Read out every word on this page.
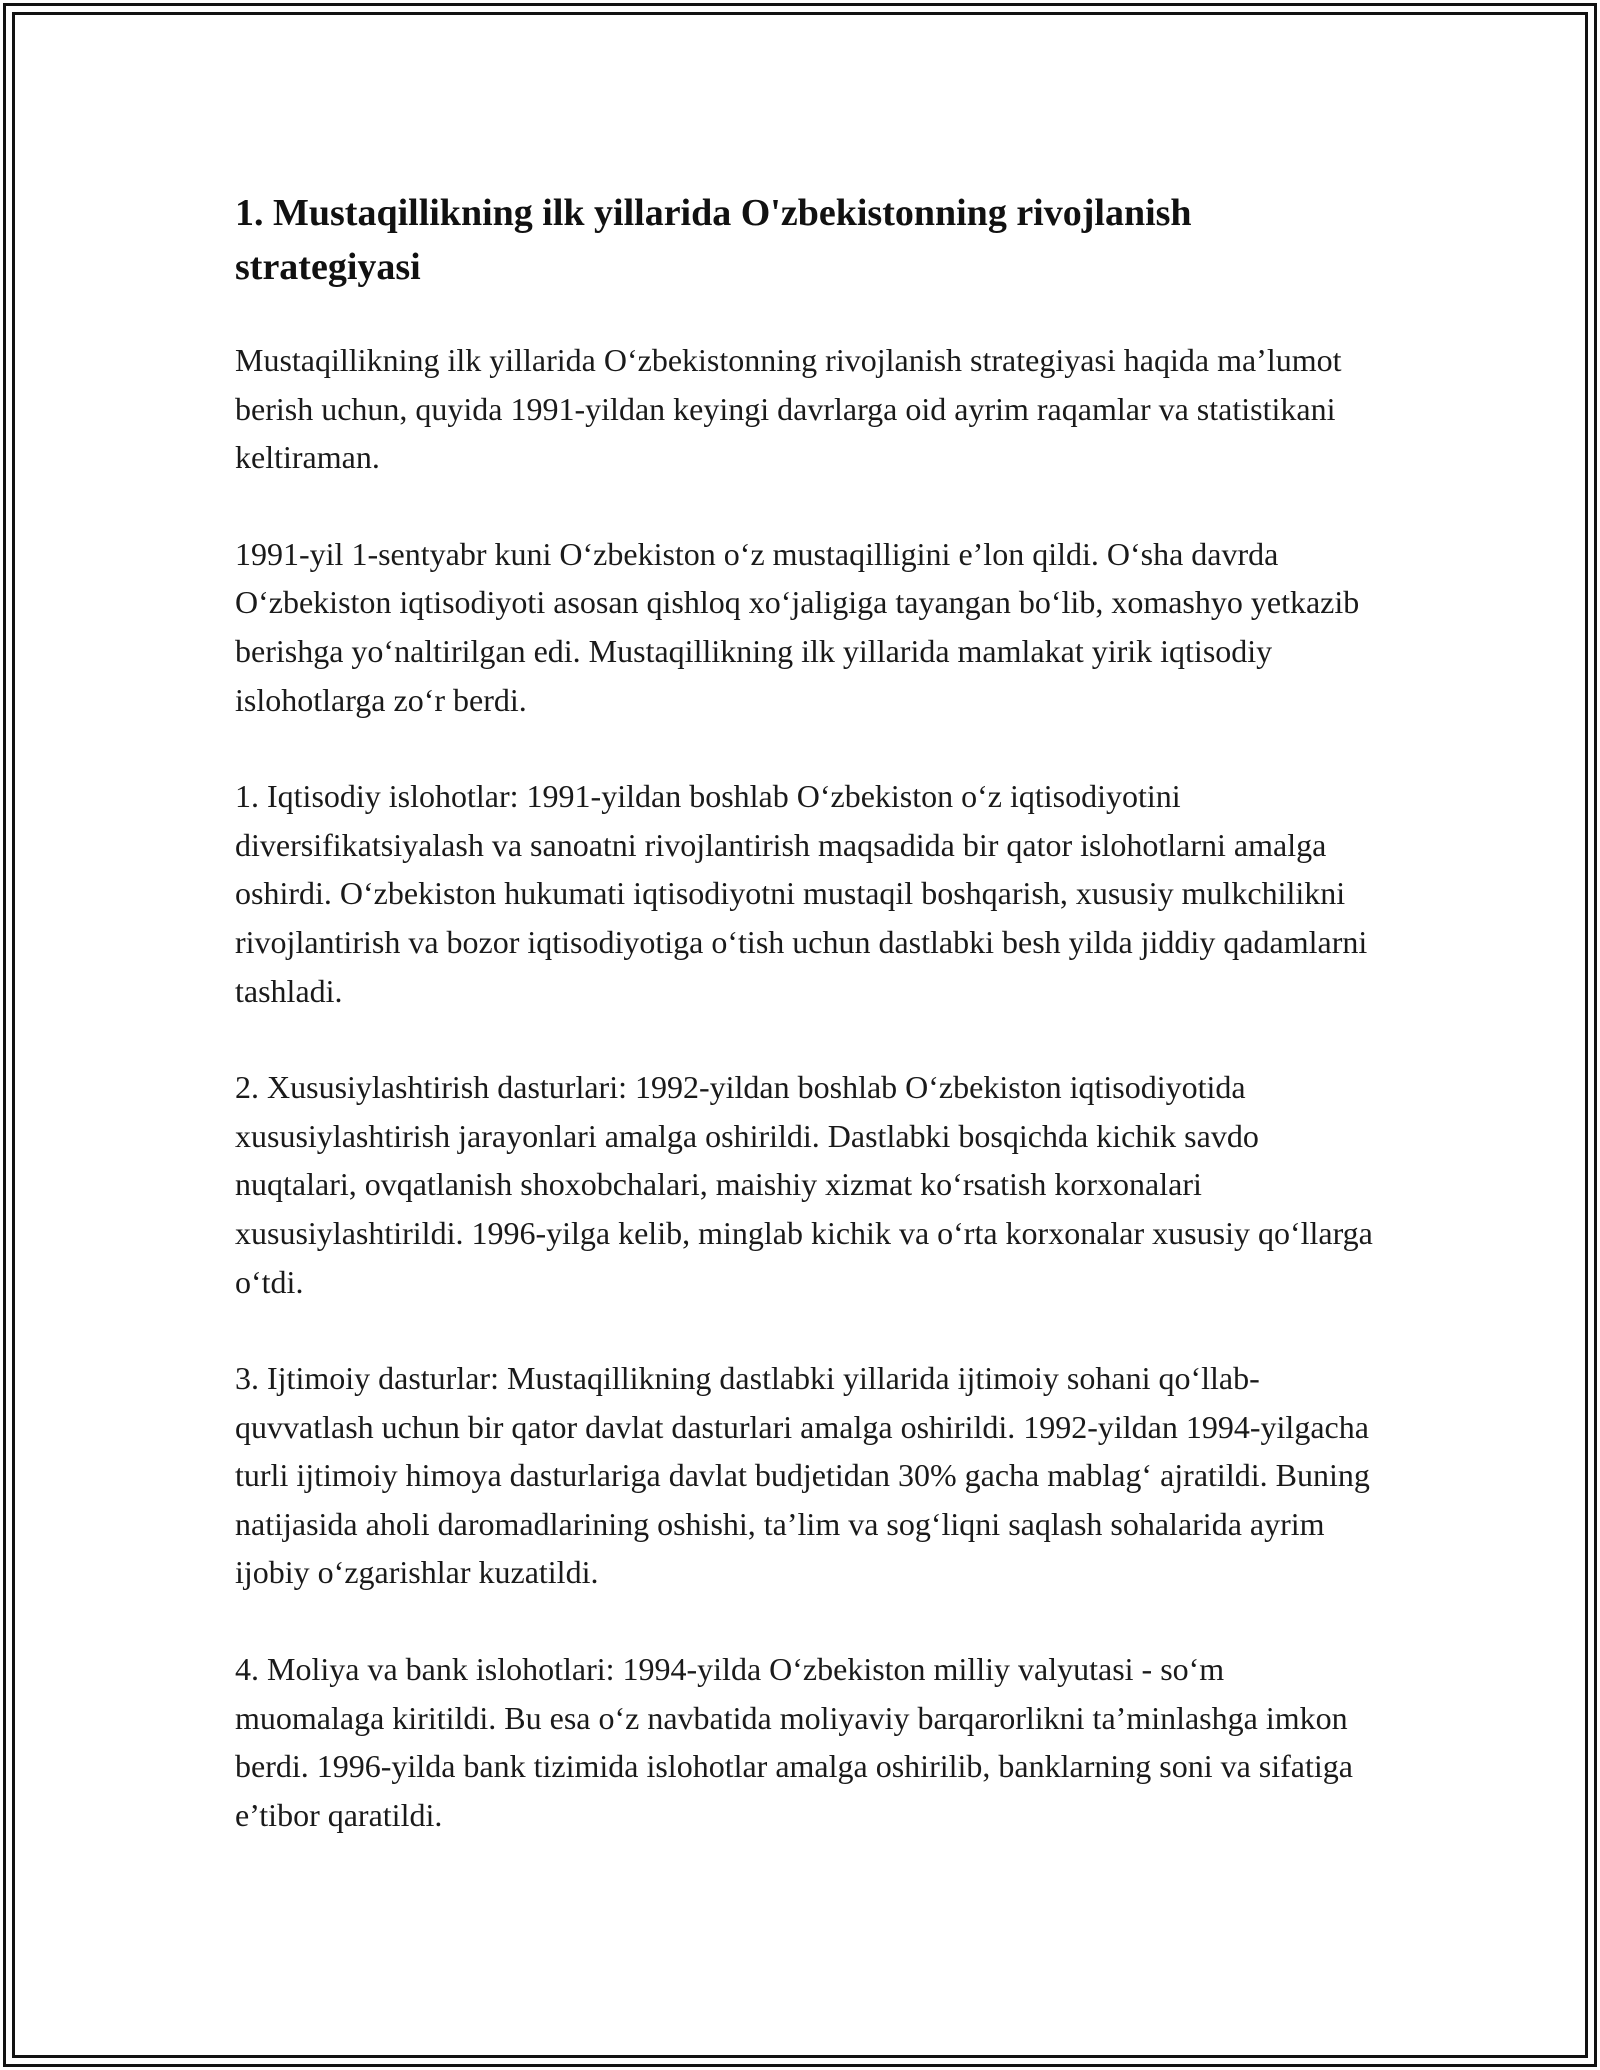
1. Mustaqillikning ilk yillarida O'zbekistonning rivojlanish strategiyasi

Mustaqillikning ilk yillarida O‘zbekistonning rivojlanish strategiyasi haqida ma’lumot berish uchun, quyida 1991-yildan keyingi davrlarga oid ayrim raqamlar va statistikani keltiraman.

1991-yil 1-sentyabr kuni O‘zbekiston o‘z mustaqilligini e’lon qildi. O‘sha davrda O‘zbekiston iqtisodiyoti asosan qishloq xo‘jaligiga tayangan bo‘lib, xomashyo yetkazib berishga yo‘naltirilgan edi. Mustaqillikning ilk yillarida mamlakat yirik iqtisodiy islohotlarga zo‘r berdi.

1. Iqtisodiy islohotlar: 1991-yildan boshlab O‘zbekiston o‘z iqtisodiyotini diversifikatsiyalash va sanoatni rivojlantirish maqsadida bir qator islohotlarni amalga oshirdi. O‘zbekiston hukumati iqtisodiyotni mustaqil boshqarish, xususiy mulkchilikni rivojlantirish va bozor iqtisodiyotiga o‘tish uchun dastlabki besh yilda jiddiy qadamlarni tashladi.

2. Xususiylashtirish dasturlari: 1992-yildan boshlab O‘zbekiston iqtisodiyotida xususiylashtirish jarayonlari amalga oshirildi. Dastlabki bosqichda kichik savdo nuqtalari, ovqatlanish shoxobchalari, maishiy xizmat ko‘rsatish korxonalari xususiylashtirildi. 1996-yilga kelib, minglab kichik va o‘rta korxonalar xususiy qo‘llarga o‘tdi.

3. Ijtimoiy dasturlar: Mustaqillikning dastlabki yillarida ijtimoiy sohani qo‘llab-quvvatlash uchun bir qator davlat dasturlari amalga oshirildi. 1992-yildan 1994-yilgacha turli ijtimoiy himoya dasturlariga davlat budjetidan 30% gacha mablag‘ ajratildi. Buning natijasida aholi daromadlarining oshishi, ta’lim va sog‘liqni saqlash sohalarida ayrim ijobiy o‘zgarishlar kuzatildi.

4. Moliya va bank islohotlari: 1994-yilda O‘zbekiston milliy valyutasi - so‘m muomalaga kiritildi. Bu esa o‘z navbatida moliyaviy barqarorlikni ta’minlashga imkon berdi. 1996-yilda bank tizimida islohotlar amalga oshirilib, banklarning soni va sifatiga e’tibor qaratildi.
